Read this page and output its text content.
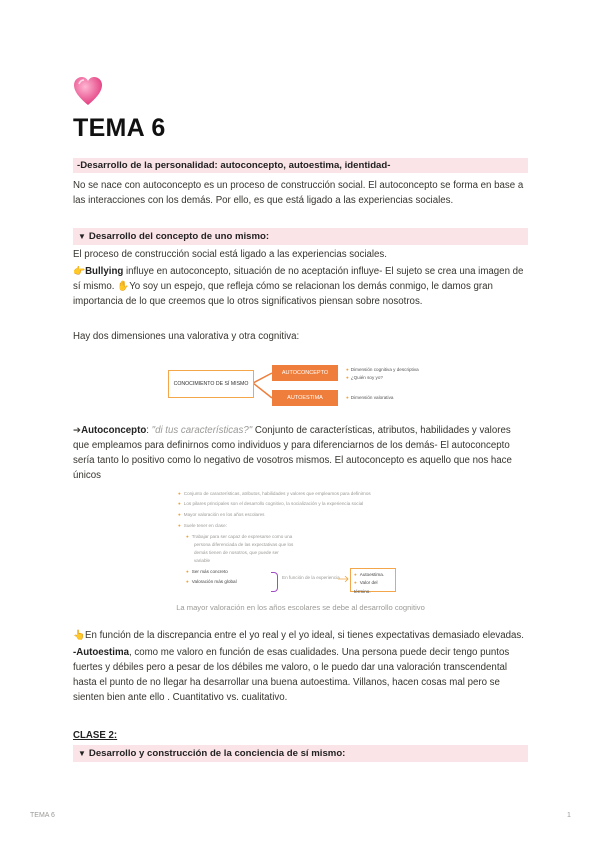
TEMA 6
-Desarrollo de la personalidad: autoconcepto, autoestima, identidad-
No se nace con autoconcepto es un proceso de construcción social. El autoconcepto se forma en base a las interacciones con los demás. Por ello, es que está ligado a las experiencias sociales.
▼ Desarrollo del concepto de uno mismo:
El proceso de construcción social está ligado a las experiencias sociales.
👉Bullying influye en autoconcepto, situación de no aceptación influye- El sujeto se crea una imagen de sí mismo. ✋Yo soy un espejo, que refleja cómo se relacionan los demás conmigo, le damos gran importancia de lo que creemos que lo otros significativos piensan sobre nosotros.
Hay dos dimensiones una valorativa y otra cognitiva:
CONOCIMIENTO DE SÍ MISMO
AUTOCONCEPTO
AUTOESTIMA
● Dimensión cognitiva y descriptiva
● ¿Quién soy yo?
● Dimensión valorativa
➔Autoconcepto: "di tus características?" Conjunto de características, atributos, habilidades y valores que empleamos para definirnos como individuos y para diferenciarnos de los demás- El autoconcepto sería tanto lo positivo como lo negativo de vosotros mismos. El autoconcepto es aquello que nos hace únicos
● Conjunto de características, atributos, habilidades y valores que empleamos para definirnos
● Los pilares principales son el desarrollo cognitivo, la socialización y la experiencia social
● Mayor valoración en los años escolares
● Suele tener en clase:
● Trabajar para ser capaz de expresarse como una
persona diferenciada de las expectativas que los
demás tienen de nosotros, que puede ser
variable
● Ser más concreto
● Valoración más global
En función de la experiencia
● Autoestima.
● Valor del término.
La mayor valoración en los años escolares se debe al desarrollo cognitivo
👆En función de la discrepancia entre el yo real y el yo ideal, si tienes expectativas demasiado elevadas.
-Autoestima, como me valoro en función de esas cualidades. Una persona puede decir tengo puntos fuertes y débiles pero a pesar de los débiles me valoro, o le puedo dar una valoración transcendental hasta el punto de no llegar ha desarrollar una buena autoestima. Villanos, hacen cosas mal pero se sienten bien ante ello . Cuantitativo vs. cualitativo.
CLASE 2:
▼ Desarrollo y construcción de la conciencia de sí mismo:
TEMA 6	1
